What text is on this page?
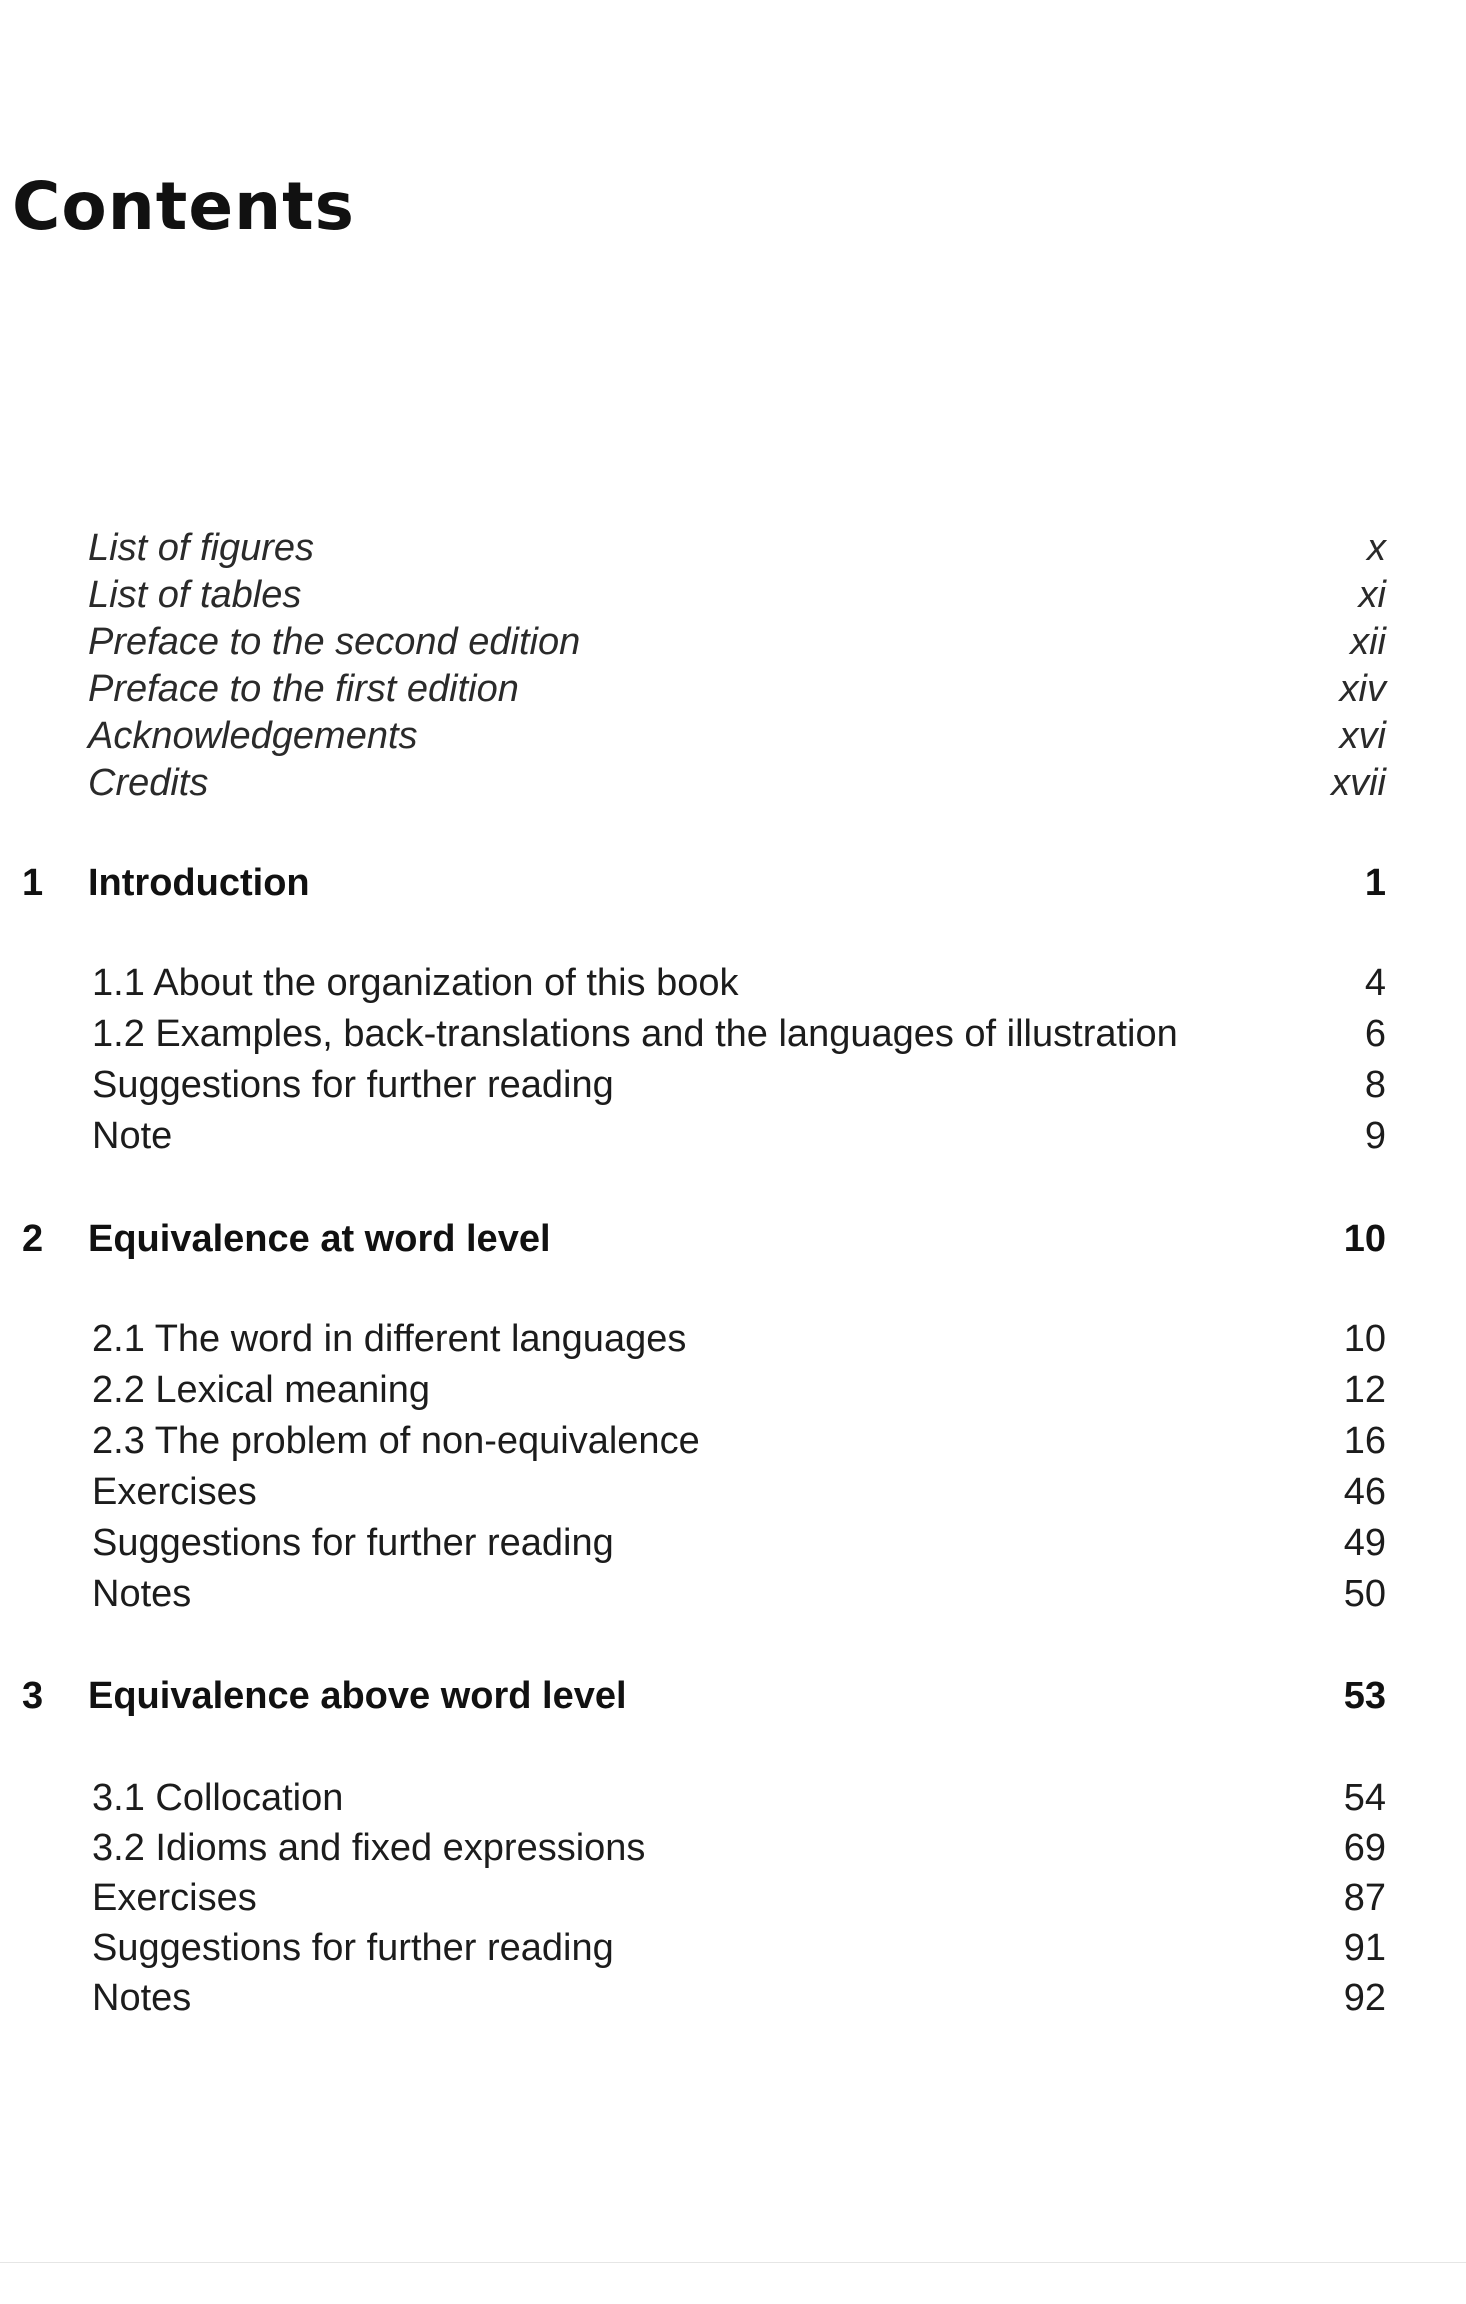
Contents
List of figures	x
List of tables	xi
Preface to the second edition	xii
Preface to the first edition	xiv
Acknowledgements	xvi
Credits	xvii
1 Introduction	1
1.1 About the organization of this book	4
1.2 Examples, back-translations and the languages of illustration	6
Suggestions for further reading	8
Note	9
2 Equivalence at word level	10
2.1 The word in different languages	10
2.2 Lexical meaning	12
2.3 The problem of non-equivalence	16
Exercises	46
Suggestions for further reading	49
Notes	50
3 Equivalence above word level	53
3.1 Collocation	54
3.2 Idioms and fixed expressions	69
Exercises	87
Suggestions for further reading	91
Notes	92
